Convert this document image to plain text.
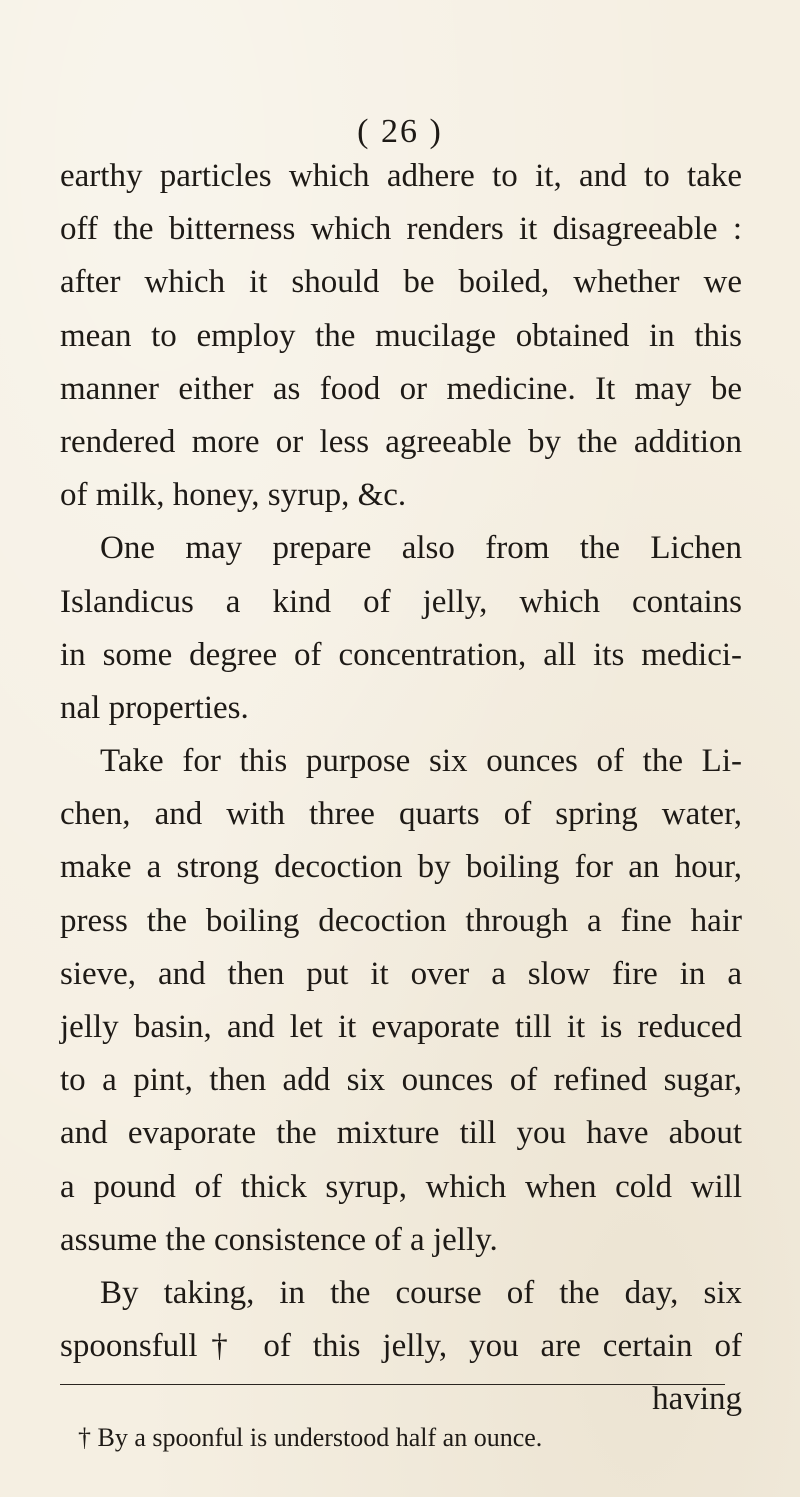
( 26 )
earthy particles which adhere to it, and to take
off the bitterness which renders it disagreeable :
after which it should be boiled, whether we
mean to employ the mucilage obtained in this
manner either as food or medicine. It may be
rendered more or less agreeable by the addition
of milk, honey, syrup, &c.
One may prepare also from the Lichen
Islandicus a kind of jelly, which contains
in some degree of concentration, all its medici-
nal properties.
Take for this purpose six ounces of the Li-
chen, and with three quarts of spring water,
make a strong decoction by boiling for an hour,
press the boiling decoction through a fine hair
sieve, and then put it over a slow fire in a
jelly basin, and let it evaporate till it is reduced
to a pint, then add six ounces of refined sugar,
and evaporate the mixture till you have about
a pound of thick syrup, which when cold will
assume the consistence of a jelly.
By taking, in the course of the day, six
spoonsfull† of this jelly, you are certain of
having
† By a spoonful is understood half an ounce.
